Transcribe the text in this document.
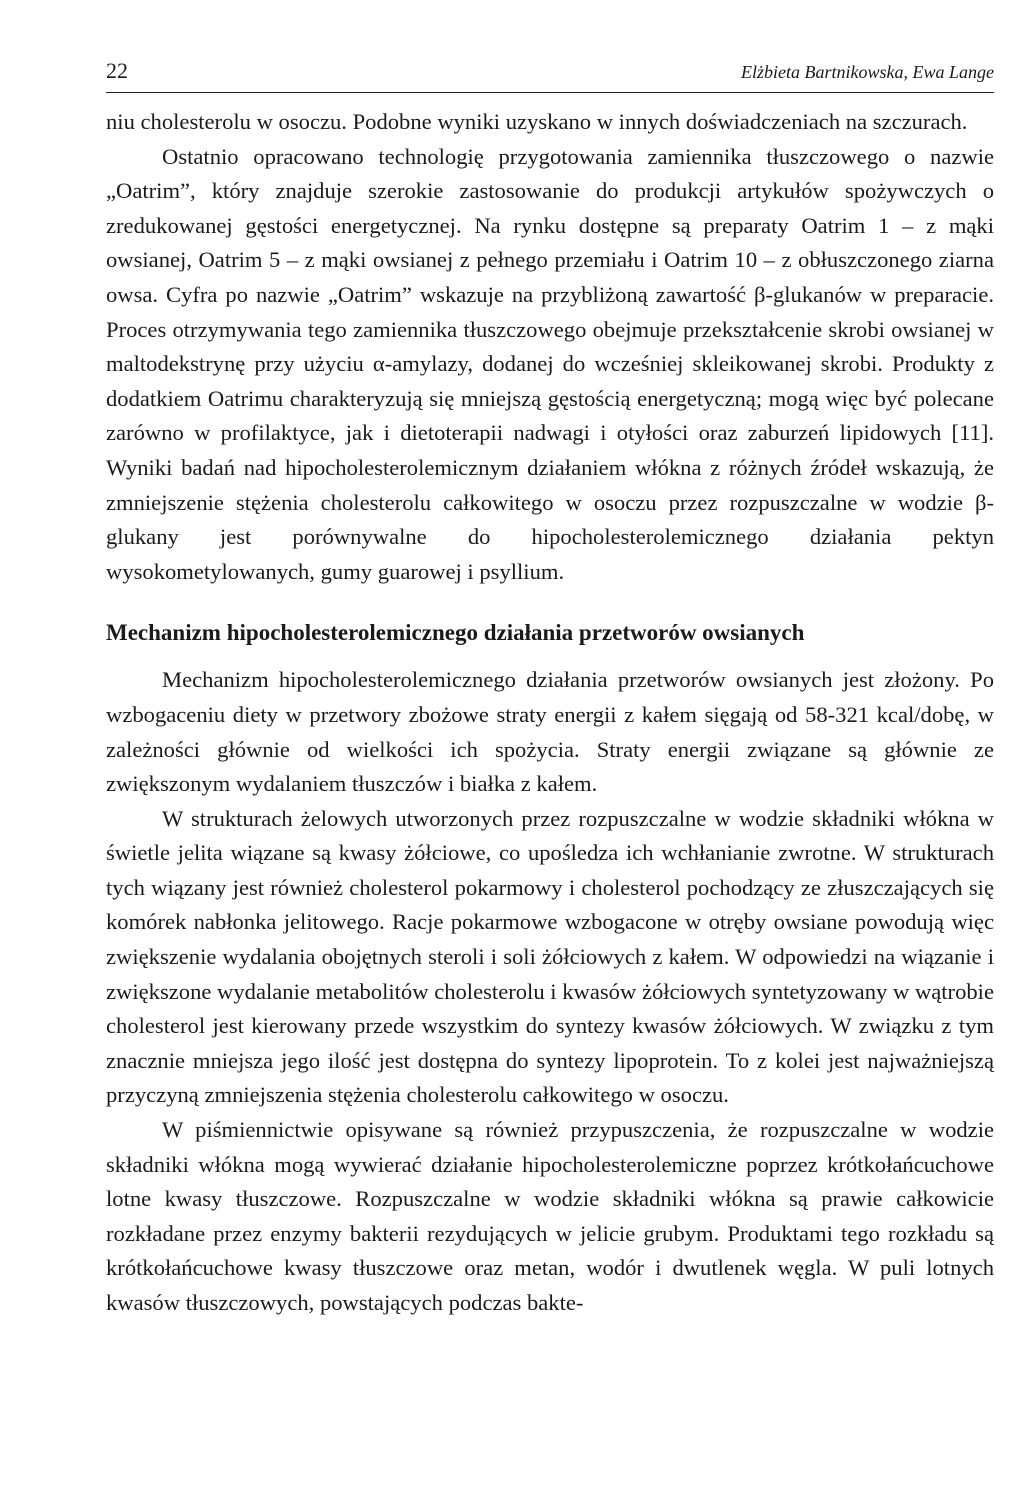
22	Elżbieta Bartnikowska, Ewa Lange

niu cholesterolu w osoczu. Podobne wyniki uzyskano w innych doświadczeniach na szczurach.

Ostatnio opracowano technologię przygotowania zamiennika tłuszczowego o nazwie „Oatrim”, który znajduje szerokie zastosowanie do produkcji artykułów spożywczych o zredukowanej gęstości energetycznej. Na rynku dostępne są preparaty Oatrim 1 – z mąki owsianej, Oatrim 5 – z mąki owsianej z pełnego przemiału i Oatrim 10 – z obłuszczonego ziarna owsa. Cyfra po nazwie „Oatrim” wskazuje na przybliżoną zawartość β-glukanów w preparacie. Proces otrzymywania tego zamiennika tłuszczowego obejmuje przekształcenie skrobi owsianej w maltodekstrynę przy użyciu α-amylazy, dodanej do wcześniej skleikowanej skrobi. Produkty z dodatkiem Oatrimu charakteryzują się mniejszą gęstością energetyczną; mogą więc być polecane zarówno w profilaktyce, jak i dietoterapii nadwagi i otyłości oraz zaburzeń lipidowych [11]. Wyniki badań nad hipocholesterolemicznym działaniem włókna z różnych źródeł wskazują, że zmniejszenie stężenia cholesterolu całkowitego w osoczu przez rozpuszczalne w wodzie β-glukany jest porównywalne do hipocholesterolemicznego działania pektyn wysokometylowanych, gumy guarowej i psyllium.

Mechanizm hipocholesterolemicznego działania przetworów owsianych

Mechanizm hipocholesterolemicznego działania przetworów owsianych jest złożony. Po wzbogaceniu diety w przetwory zbożowe straty energii z kałem sięgają od 58-321 kcal/dobę, w zależności głównie od wielkości ich spożycia. Straty energii związane są głównie ze zwiększonym wydalaniem tłuszczów i białka z kałem.

W strukturach żelowych utworzonych przez rozpuszczalne w wodzie składniki włókna w świetle jelita wiązane są kwasy żółciowe, co upośledza ich wchłanianie zwrotne. W strukturach tych wiązany jest również cholesterol pokarmowy i cholesterol pochodzący ze złuszczających się komórek nabłonka jelitowego. Racje pokarmowe wzbogacone w otręby owsiane powodują więc zwiększenie wydalania obojętnych steroli i soli żółciowych z kałem. W odpowiedzi na wiązanie i zwiększone wydalanie metabolitów cholesterolu i kwasów żółciowych syntetyzowany w wątrobie cholesterol jest kierowany przede wszystkim do syntezy kwasów żółciowych. W związku z tym znacznie mniejsza jego ilość jest dostępna do syntezy lipoprotein. To z kolei jest najważniejszą przyczyną zmniejszenia stężenia cholesterolu całkowitego w osoczu.

W piśmiennictwie opisywane są również przypuszczenia, że rozpuszczalne w wodzie składniki włókna mogą wywierać działanie hipocholesterolemiczne poprzez krótkołańcuchowe lotne kwasy tłuszczowe. Rozpuszczalne w wodzie składniki włókna są prawie całkowicie rozkładane przez enzymy bakterii rezydujących w jelicie grubym. Produktami tego rozkładu są krótkołańcuchowe kwasy tłuszczowe oraz metan, wodór i dwutlenek węgla. W puli lotnych kwasów tłuszczowych, powstających podczas bakte-
